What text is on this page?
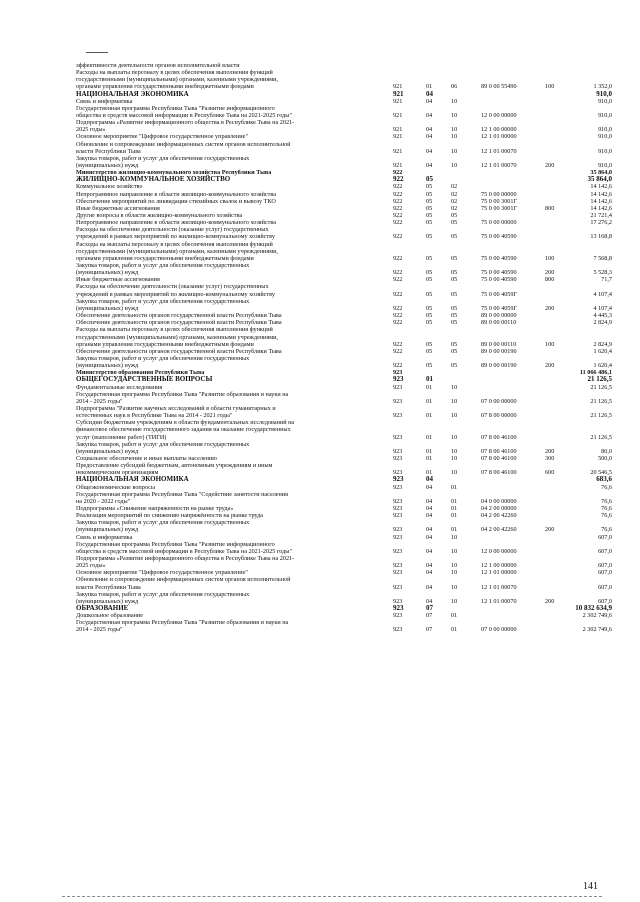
эффективности деятельности органов исполнительной власти
Расходы на выплаты персоналу в целях обеспечения выполнения функций
государственными (муниципальными) органами, казенными учреждениями,
органами управления государственными внебюджетными фондами	921	01	06	89 0 00 55490	100	1 352,0
НАЦИОНАЛЬНАЯ ЭКОНОМИКА	921	04	910,0
Связь и информатика	921	04	10	910,0
Государственная программа Республики Тыва "Развитие информационного
общества и средств массовой информации в Республике Тыва на 2021-2025 годы"	921	04	10	12 0 00 00000	910,0
Подпрограмма «Развитие информационного общества в Республике Тыва на 2021-
2025 годы»	921	04	10	12 1 00 00000	910,0
Основное мероприятие "Цифровое государственное управление"	921	04	10	12 1 01 00000	910,0
Обновление и сопровождение информационных систем органов исполнительной
власти Республики Тыва	921	04	10	12 1 01 00070	910,0
Закупка товаров, работ и услуг для обеспечения государственных
(муниципальных) нужд	921	04	10	12 1 01 00070	200	910,0
Министерство жилищно-коммунального хозяйства Республики Тыва	922	35 864,0
ЖИЛИЩНО-КОММУНАЛЬНОЕ ХОЗЯЙСТВО	922	05	35 864,0
Коммунальное хозяйство	922	05	02	14 142,6
Непрограммное направление в области жилищно-коммунального хозяйства	922	05	02	75 0 00 00000	14 142,6
Обеспечение мероприятий по ликвидации стихийных свалок и вывозу ТКО	922	05	02	75 0 00 3001Г	14 142,6
Иные бюджетные ассигнования	922	05	02	75 0 00 3001Г	800	14 142,6
Другие вопросы в области жилищно-коммунального хозяйства	922	05	05	21 721,4
Непрограммное направление в области жилищно-коммунального хозяйства	922	05	05	75 0 00 00000	17 276,2
Расходы на обеспечение деятельности (оказание услуг) государственных
учреждений в рамках мероприятий по жилищно-коммунальному хозяйству	922	05	05	75 0 00 40590	13 168,8
Расходы на выплаты персоналу в целях обеспечения выполнения функций
государственными (муниципальными) органами, казенными учреждениями,
органами управления государственными внебюджетными фондами	922	05	05	75 0 00 40590	100	7 568,8
Закупка товаров, работ и услуг для обеспечения государственных
(муниципальных) нужд	922	05	05	75 0 00 40590	200	5 528,3
Иные бюджетные ассигнования	922	05	05	75 0 00 40590	800	71,7
Расходы на обеспечение деятельности (оказание услуг) государственных
учреждений в рамках мероприятий по жилищно-коммунальному хозяйству	922	05	05	75 0 00 4059Г	4 107,4
Закупка товаров, работ и услуг для обеспечения государственных
(муниципальных) нужд	922	05	05	75 0 00 4059Г	200	4 107,4
Обеспечение деятельности органов государственной власти Республики Тыва	922	05	05	89 0 00 00000	4 445,3
Обеспечение деятельности органов государственной власти Республики Тыва	922	05	05	89 0 00 00110	2 824,9
Расходы на выплаты персоналу в целях обеспечения выполнения функций
государственными (муниципальными) органами, казенными учреждениями,
органами управления государственными внебюджетными фондами	922	05	05	89 0 00 00110	100	2 824,9
Обеспечение деятельности органов государственной власти Республики Тыва	922	05	05	89 0 00 00190	1 620,4
Закупка товаров, работ и услуг для обеспечения государственных
(муниципальных) нужд	922	05	05	89 0 00 00190	200	1 620,4
Министерство образования Республики Тыва	923	11 066 486,1
ОБЩЕГОСУДАРСТВЕННЫЕ ВОПРОСЫ	923	01	21 126,5
Фундаментальные исследования	923	01	10	21 126,5
Государственная программа Республики Тыва "Развитие образования и науки на
2014 - 2025 годы"	923	01	10	07 0 00 00000	21 126,5
Подпрограмма "Развитие научных исследований в области гуманитарных и
естественных наук в Республике Тыва на 2014 - 2021 годы"	923	01	10	07 8 00 00000	21 126,5
Субсидии бюджетным учреждениям в области фундаментальных исследований на
финансовое обеспечение государственного задания на оказание государственных
услуг (выполнение работ) (ТИГИ)	923	01	10	07 8 00 46100	21 126,5
Закупка товаров, работ и услуг для обеспечения государственных
(муниципальных) нужд	923	01	10	07 8 00 46100	200	80,0
Социальное обеспечение и иные выплаты населению	923	01	10	07 8 00 46100	300	500,0
Предоставление субсидий бюджетным, автономным учреждениям и иным
некоммерческим организациям	923	01	10	07 8 00 46100	600	20 546,5
НАЦИОНАЛЬНАЯ ЭКОНОМИКА	923	04	683,6
Общеэкономические вопросы	923	04	01	76,6
Государственная программа Республики Тыва "Содействие занятости населения
на 2020 - 2022 годы"	923	04	01	04 0 00 00000	76,6
Подпрограмма «Снижение напряженности на рынке труда»	923	04	01	04 2 00 00000	76,6
Реализация мероприятий по снижению напряжённости на рынке труда	923	04	01	04 2 00 42260	76,6
Закупка товаров, работ и услуг для обеспечения государственных
(муниципальных) нужд	923	04	01	04 2 00 42260	200	76,6
Связь и информатика	923	04	10	607,0
Государственная программа Республики Тыва "Развитие информационного
общества и средств массовой информации в Республике Тыва на 2021-2025 годы"	923	04	10	12 0 00 00000	607,0
Подпрограмма «Развитие информационного общества в Республике Тыва на 2021-
2025 годы»	923	04	10	12 1 00 00000	607,0
Основное мероприятие "Цифровое государственное управление"	923	04	10	12 1 01 00000	607,0
Обновление и сопровождение информационных систем органов исполнительной
власти Республики Тыва	923	04	10	12 1 01 00070	607,0
Закупка товаров, работ и услуг для обеспечения государственных
(муниципальных) нужд	923	04	10	12 1 01 00070	200	607,0
ОБРАЗОВАНИЕ	923	07	10 832 634,9
Дошкольное образование	923	07	01	2 302 749,6
Государственная программа Республики Тыва "Развитие образования и науки на
2014 - 2025 годы"	923	07	01	07 0 00 00000	2 302 749,6
141
